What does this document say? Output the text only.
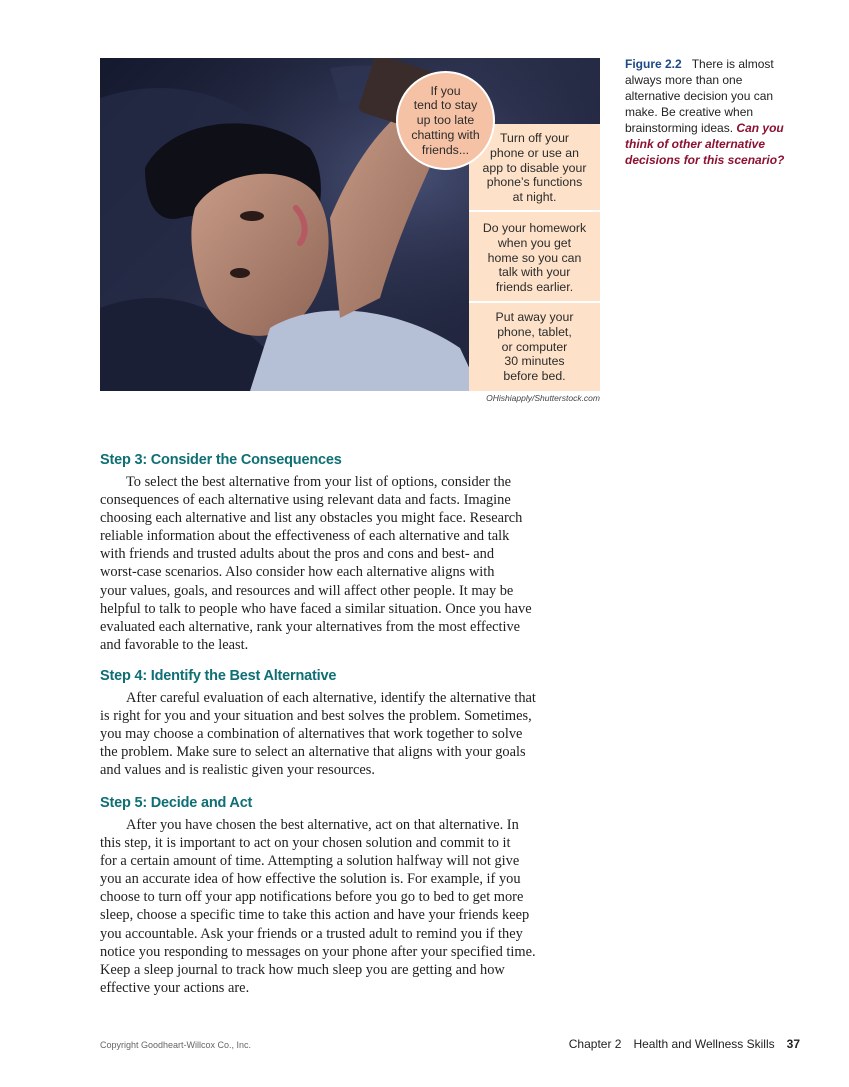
Turn off your
phone or use an
app to disable your
phone’s functions
at night.
Do your homework
when you get
home so you can
talk with your
friends earlier.
Put away your
phone, tablet,
or computer
30 minutes
before bed.
If you
tend to stay
up too late
chatting with
friends...
OHishiapply/Shutterstock.com
Figure 2.2 There is almost always more than one alternative decision you can make. Be creative when brainstorming ideas. Can you think of other alternative decisions for this scenario?
Step 3: Consider the Consequences
To select the best alternative from your list of options, consider the
consequences of each alternative using relevant data and facts. Imagine
choosing each alternative and list any obstacles you might face. Research
reliable information about the effectiveness of each alternative and talk
with friends and trusted adults about the pros and cons and best- and
worst-case scenarios. Also consider how each alternative aligns with
your values, goals, and resources and will affect other people. It may be
helpful to talk to people who have faced a similar situation. Once you have
evaluated each alternative, rank your alternatives from the most effective
and favorable to the least.
Step 4: Identify the Best Alternative
After careful evaluation of each alternative, identify the alternative that
is right for you and your situation and best solves the problem. Sometimes,
you may choose a combination of alternatives that work together to solve
the problem. Make sure to select an alternative that aligns with your goals
and values and is realistic given your resources.
Step 5: Decide and Act
After you have chosen the best alternative, act on that alternative. In
this step, it is important to act on your chosen solution and commit to it
for a certain amount of time. Attempting a solution halfway will not give
you an accurate idea of how effective the solution is. For example, if you
choose to turn off your app notifications before you go to bed to get more
sleep, choose a specific time to take this action and have your friends keep
you accountable. Ask your friends or a trusted adult to remind you if they
notice you responding to messages on your phone after your specified time.
Keep a sleep journal to track how much sleep you are getting and how
effective your actions are.
Copyright Goodheart-Willcox Co., Inc.	Chapter 2 Health and Wellness Skills 37
